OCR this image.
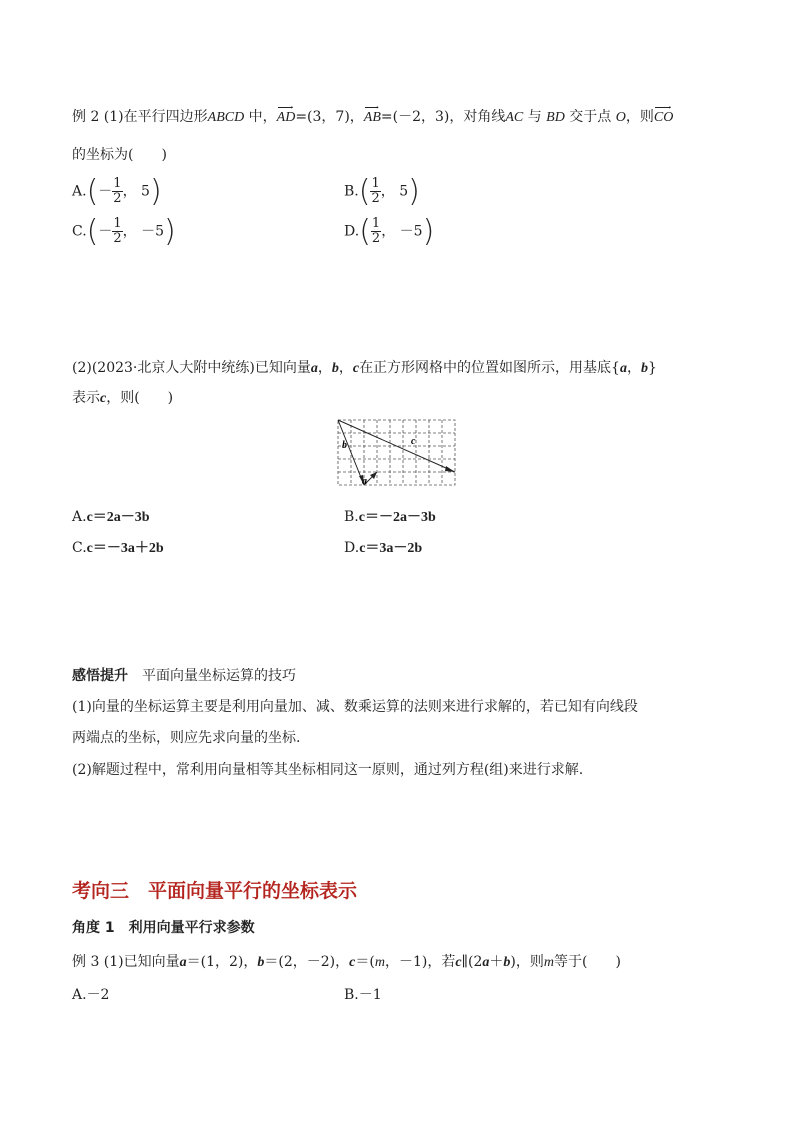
例 2 (1)在平行四边形ABCD 中，
→
AD=(3，7)，
→
AB=(－2，3)，对角线AC 与 BD 交于点 O，则
→
CO
的坐标为(　　)
$A.(- \frac{1}{2}$ ， 5)	$B.( \frac{1}{2}$ ， 5)
$C.(- \frac{1}{2}$ ， －5)	$D.( \frac{1}{2}$ ， －5)
(2)(2023·北京人大附中统练)已知向量a，b，c在正方形网格中的位置如图所示，用基底{a，b}
表示c，则(　　)
b
a
c
A.c＝2a－3b	B.c＝－2a－3b
C.c＝－3a＋2b	D.c＝3a－2b
感悟提升　 平面向量坐标运算的技巧
(1)向量的坐标运算主要是利用向量加、减、数乘运算的法则来进行求解的，若已知有向线段
两端点的坐标，则应先求向量的坐标.
(2)解题过程中，常利用向量相等其坐标相同这一原则，通过列方程(组)来进行求解.
考向三　平面向量平行的坐标表示
角度 1　利用向量平行求参数
例 3 (1)已知向量a＝(1，2)，b＝(2，－2)，c＝(m，－1)，若c∥(2a＋b)，则m等于(　　)
A.－2	B.－1
